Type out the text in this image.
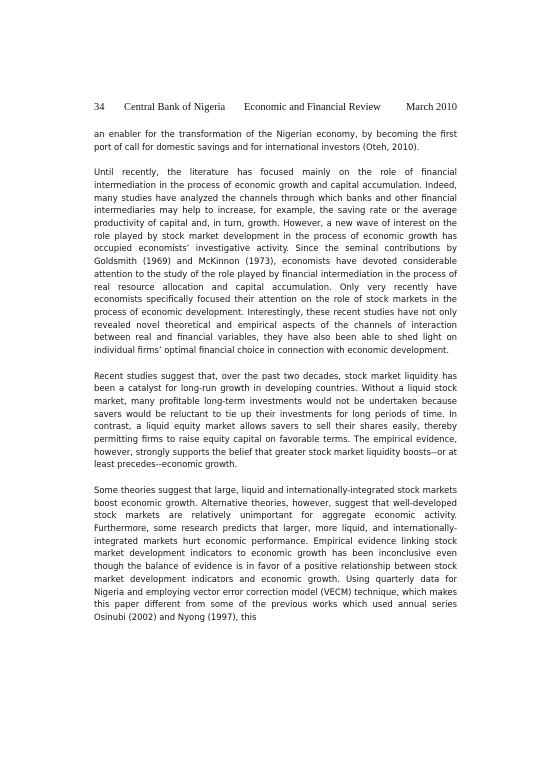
34 Central Bank of Nigeria Economic and Financial Review March 2010

an enabler for the transformation of the Nigerian economy, by becoming the first port of call for domestic savings and for international investors (Oteh, 2010).

Until recently, the literature has focused mainly on the role of financial intermediation in the process of economic growth and capital accumulation. Indeed, many studies have analyzed the channels through which banks and other financial intermediaries may help to increase, for example, the saving rate or the average productivity of capital and, in turn, growth. However, a new wave of interest on the role played by stock market development in the process of economic growth has occupied economists’ investigative activity. Since the seminal contributions by Goldsmith (1969) and McKinnon (1973), economists have devoted considerable attention to the study of the role played by financial intermediation in the process of real resource allocation and capital accumulation. Only very recently have economists specifically focused their attention on the role of stock markets in the process of economic development. Interestingly, these recent studies have not only revealed novel theoretical and empirical aspects of the channels of interaction between real and financial variables, they have also been able to shed light on individual firms’ optimal financial choice in connection with economic development.

Recent studies suggest that, over the past two decades, stock market liquidity has been a catalyst for long-run growth in developing countries. Without a liquid stock market, many profitable long-term investments would not be undertaken because savers would be reluctant to tie up their investments for long periods of time. In contrast, a liquid equity market allows savers to sell their shares easily, thereby permitting firms to raise equity capital on favorable terms. The empirical evidence, however, strongly supports the belief that greater stock market liquidity boosts--or at least precedes--economic growth.

Some theories suggest that large, liquid and internationally-integrated stock markets boost economic growth. Alternative theories, however, suggest that well-developed stock markets are relatively unimportant for aggregate economic activity. Furthermore, some research predicts that larger, more liquid, and internationally-integrated markets hurt economic performance. Empirical evidence linking stock market development indicators to economic growth has been inconclusive even though the balance of evidence is in favor of a positive relationship between stock market development indicators and economic growth. Using quarterly data for Nigeria and employing vector error correction model (VECM) technique, which makes this paper different from some of the previous works which used annual series Osinubi (2002) and Nyong (1997), this
